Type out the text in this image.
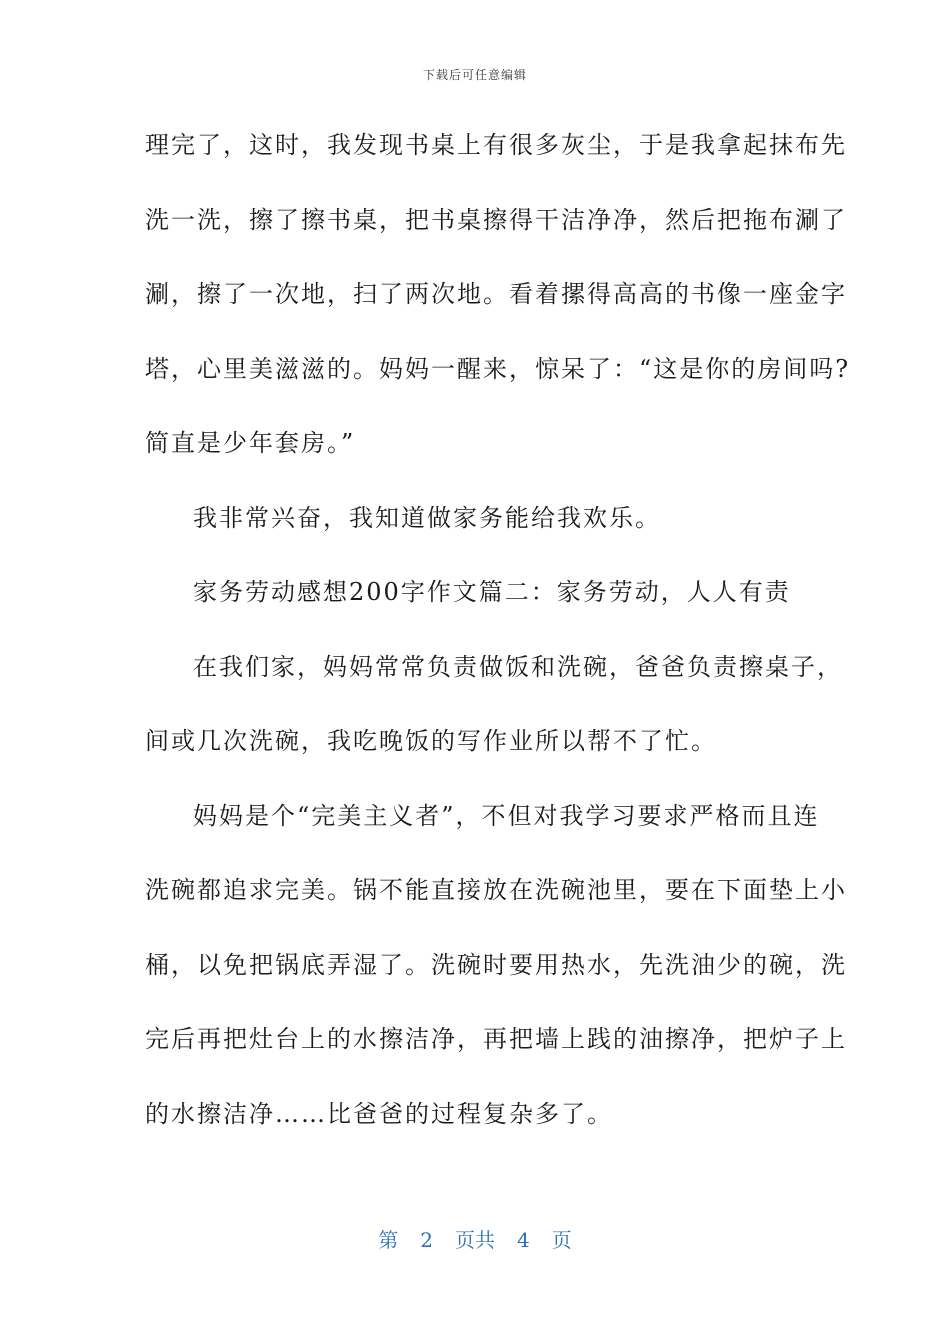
下载后可任意编辑

理完了，这时，我发现书桌上有很多灰尘，于是我拿起抹布先

洗一洗，擦了擦书桌，把书桌擦得干洁净净，然后把拖布涮了

涮，擦了一次地，扫了两次地。看着摞得高高的书像一座金字

塔，心里美滋滋的。妈妈一醒来，惊呆了：“这是你的房间吗?

简直是少年套房。”

我非常兴奋，我知道做家务能给我欢乐。

家务劳动感想200字作文篇二：家务劳动，人人有责

在我们家，妈妈常常负责做饭和洗碗，爸爸负责擦桌子，

间或几次洗碗，我吃晚饭的写作业所以帮不了忙。

妈妈是个“完美主义者”，不但对我学习要求严格而且连

洗碗都追求完美。锅不能直接放在洗碗池里，要在下面垫上小

桶，以免把锅底弄湿了。洗碗时要用热水，先洗油少的碗，洗

完后再把灶台上的水擦洁净，再把墙上践的油擦净，把炉子上

的水擦洁净……比爸爸的过程复杂多了。

第 2 页共 4 页
